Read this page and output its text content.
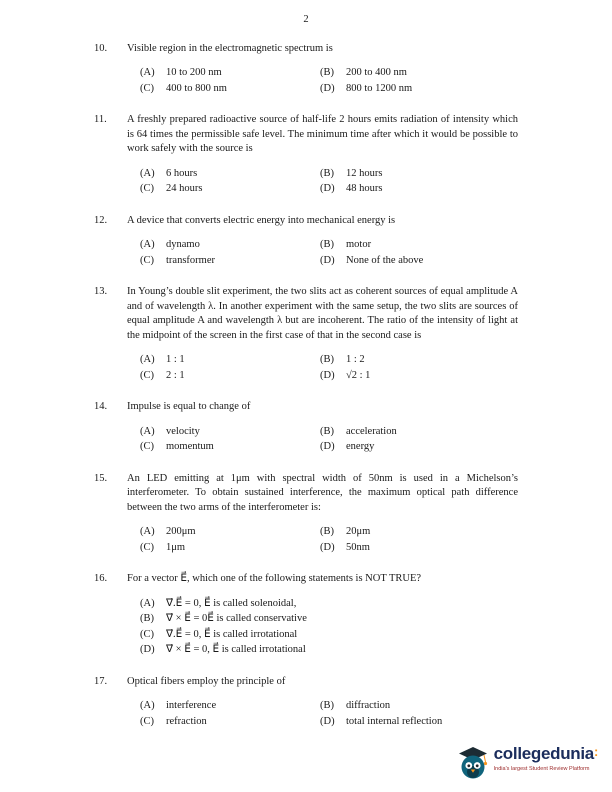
2
10.	Visible region in the electromagnetic spectrum is
(A) 10 to 200 nm	(B) 200 to 400 nm
(C) 400 to 800 nm	(D) 800 to 1200 nm
11.	A freshly prepared radioactive source of half-life 2 hours emits radiation of intensity which is 64 times the permissible safe level. The minimum time after which it would be possible to work safely with the source is
(A) 6 hours	(B) 12 hours
(C) 24 hours	(D) 48 hours
12.	A device that converts electric energy into mechanical energy is
(A) dynamo	(B) motor
(C) transformer	(D) None of the above
13.	In Young’s double slit experiment, the two slits act as coherent sources of equal amplitude A and of wavelength λ. In another experiment with the same setup, the two slits are sources of equal amplitude A and wavelength λ but are incoherent. The ratio of the intensity of light at the midpoint of the screen in the first case of that in the second case is
(A) 1 : 1	(B) 1 : 2
(C) 2 : 1	(D) √2 : 1
14.	Impulse is equal to change of
(A) velocity	(B) acceleration
(C) momentum	(D) energy
15.	An LED emitting at 1μm with spectral width of 50nm is used in a Michelson’s interferometer. To obtain sustained interference, the maximum optical path difference between the two arms of the interferometer is:
(A) 200μm	(B) 20μm
(C) 1μm	(D) 50nm
16.	For a vector E⃗, which one of the following statements is NOT TRUE?
(A) ∇⃗.E⃗ = 0, E⃗ is called solenoidal,
(B) ∇⃗ × E⃗ = 0E⃗ is called conservative
(C) ∇⃗.E⃗ = 0, E⃗ is called irrotational
(D) ∇⃗ × E⃗ = 0, E⃗ is called irrotational
17.	Optical fibers employ the principle of
(A) interference	(B) diffraction
(C) refraction	(D) total internal reflection
collegedunia:
India's largest Student Review Platform
